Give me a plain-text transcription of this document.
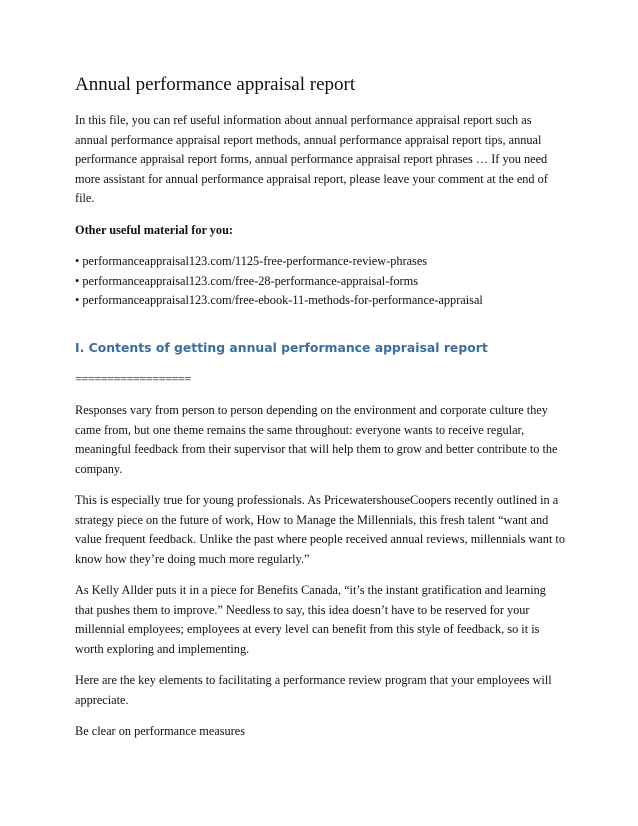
Annual performance appraisal report

In this file, you can ref useful information about annual performance appraisal report such as annual performance appraisal report methods, annual performance appraisal report tips, annual performance appraisal report forms, annual performance appraisal report phrases … If you need more assistant for annual performance appraisal report, please leave your comment at the end of file.

Other useful material for you:

• performanceappraisal123.com/1125-free-performance-review-phrases
• performanceappraisal123.com/free-28-performance-appraisal-forms
• performanceappraisal123.com/free-ebook-11-methods-for-performance-appraisal
I. Contents of getting annual performance appraisal report
==================

Responses vary from person to person depending on the environment and corporate culture they came from, but one theme remains the same throughout: everyone wants to receive regular, meaningful feedback from their supervisor that will help them to grow and better contribute to the company.

This is especially true for young professionals. As PricewatershouseCoopers recently outlined in a strategy piece on the future of work, How to Manage the Millennials, this fresh talent “want and value frequent feedback. Unlike the past where people received annual reviews, millennials want to know how they’re doing much more regularly.”

As Kelly Allder puts it in a piece for Benefits Canada, “it’s the instant gratification and learning that pushes them to improve.” Needless to say, this idea doesn’t have to be reserved for your millennial employees; employees at every level can benefit from this style of feedback, so it is worth exploring and implementing.

Here are the key elements to facilitating a performance review program that your employees will appreciate.

Be clear on performance measures
